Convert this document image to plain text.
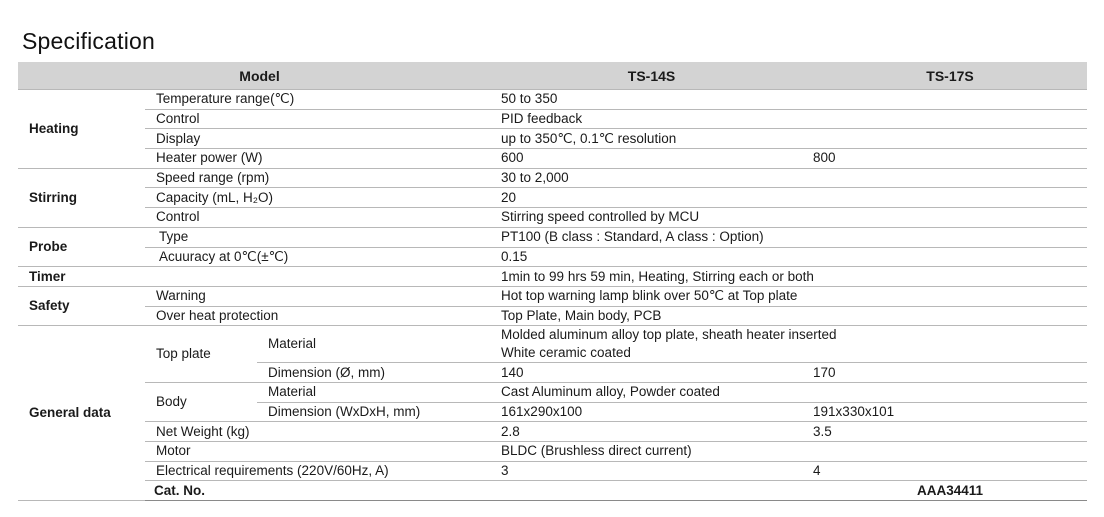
Specification
Model			TS-14S	TS-17S	
Heating	Temperature range(℃)		50 to 350		
	Control		PID feedback		
	Display		up to 350℃, 0.1℃ resolution		
	Heater power (W)		600	800	
Stirring	Speed range (rpm)		30 to 2,000		
	Capacity (mL, H₂O)		20		
	Control		Stirring speed controlled by MCU		
Probe	Type		PT100 (B class : Standard, A class : Option)		
	Acuuracy at 0℃(±℃)		0.15		
Timer			1min to 99 hrs 59 min, Heating, Stirring each or both		
Safety	Warning		Hot top warning lamp blink over 50℃ at Top plate		
	Over heat protection		Top Plate, Main body, PCB		
General data	Top plate	Material	Molded aluminum alloy top plate, sheath heater inserted
White ceramic coated		

		Dimension (Ø, mm)	140	170	
	Body	Material	Cast Aluminum alloy, Powder coated		
		Dimension (WxDxH, mm)	161x290x100	191x330x101	
	Net Weight (kg)		2.8	3.5	
	Motor		BLDC (Brushless direct current)		
	Electrical requirements (220V/60Hz, A)		3	4	
	Cat. No.			AAA34411	
